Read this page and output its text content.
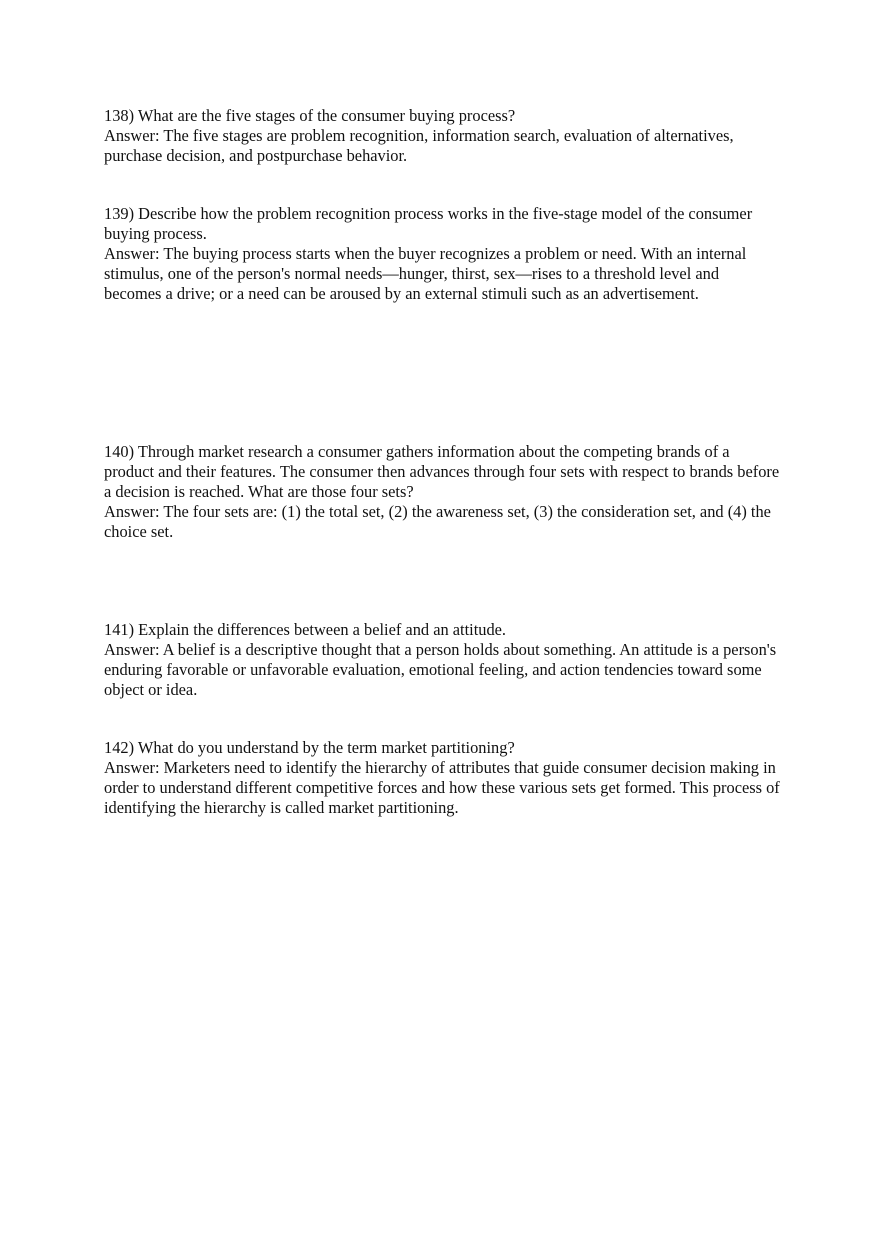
138) What are the five stages of the consumer buying process?

Answer: The five stages are problem recognition, information search, evaluation of alternatives, purchase decision, and postpurchase behavior.

139) Describe how the problem recognition process works in the five-stage model of the consumer buying process.

Answer: The buying process starts when the buyer recognizes a problem or need. With an internal stimulus, one of the person's normal needs—hunger, thirst, sex—rises to a threshold level and becomes a drive; or a need can be aroused by an external stimuli such as an advertisement.

140) Through market research a consumer gathers information about the competing brands of a product and their features. The consumer then advances through four sets with respect to brands before a decision is reached. What are those four sets?

Answer: The four sets are: (1) the total set, (2) the awareness set, (3) the consideration set, and (4) the choice set.

141) Explain the differences between a belief and an attitude.

Answer: A belief is a descriptive thought that a person holds about something. An attitude is a person's enduring favorable or unfavorable evaluation, emotional feeling, and action tendencies toward some object or idea.

142) What do you understand by the term market partitioning?

Answer: Marketers need to identify the hierarchy of attributes that guide consumer decision making in order to understand different competitive forces and how these various sets get formed. This process of identifying the hierarchy is called market partitioning.
